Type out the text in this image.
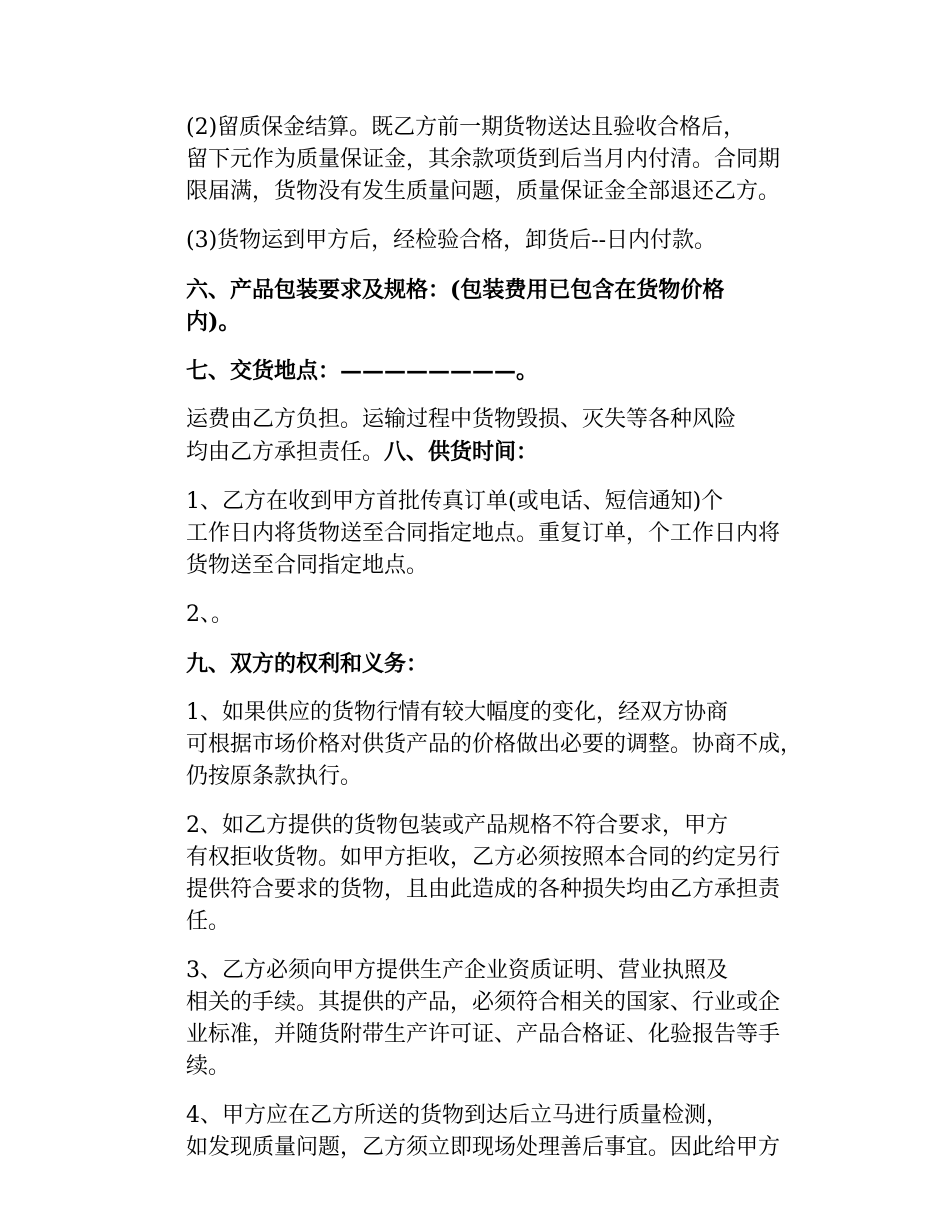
(2)留质保金结算。既乙方前一期货物送达且验收合格后，
留下元作为质量保证金，其余款项货到后当月内付清。合同期
限届满，货物没有发生质量问题，质量保证金全部退还乙方。

(3)货物运到甲方后，经检验合格，卸货后--日内付款。

六、产品包装要求及规格：(包装费用已包含在货物价格
内)。

七、交货地点：————————。

运费由乙方负担。运输过程中货物毁损、灭失等各种风险
均由乙方承担责任。八、供货时间：

1、乙方在收到甲方首批传真订单(或电话、短信通知)个
工作日内将货物送至合同指定地点。重复订单，个工作日内将
货物送至合同指定地点。

2、。

九、双方的权利和义务：

1、如果供应的货物行情有较大幅度的变化，经双方协商
可根据市场价格对供货产品的价格做出必要的调整。协商不成，
仍按原条款执行。

2、如乙方提供的货物包装或产品规格不符合要求，甲方
有权拒收货物。如甲方拒收，乙方必须按照本合同的约定另行
提供符合要求的货物，且由此造成的各种损失均由乙方承担责
任。

3、乙方必须向甲方提供生产企业资质证明、营业执照及
相关的手续。其提供的产品，必须符合相关的国家、行业或企
业标准，并随货附带生产许可证、产品合格证、化验报告等手
续。

4、甲方应在乙方所送的货物到达后立马进行质量检测，
如发现质量问题，乙方须立即现场处理善后事宜。因此给甲方
